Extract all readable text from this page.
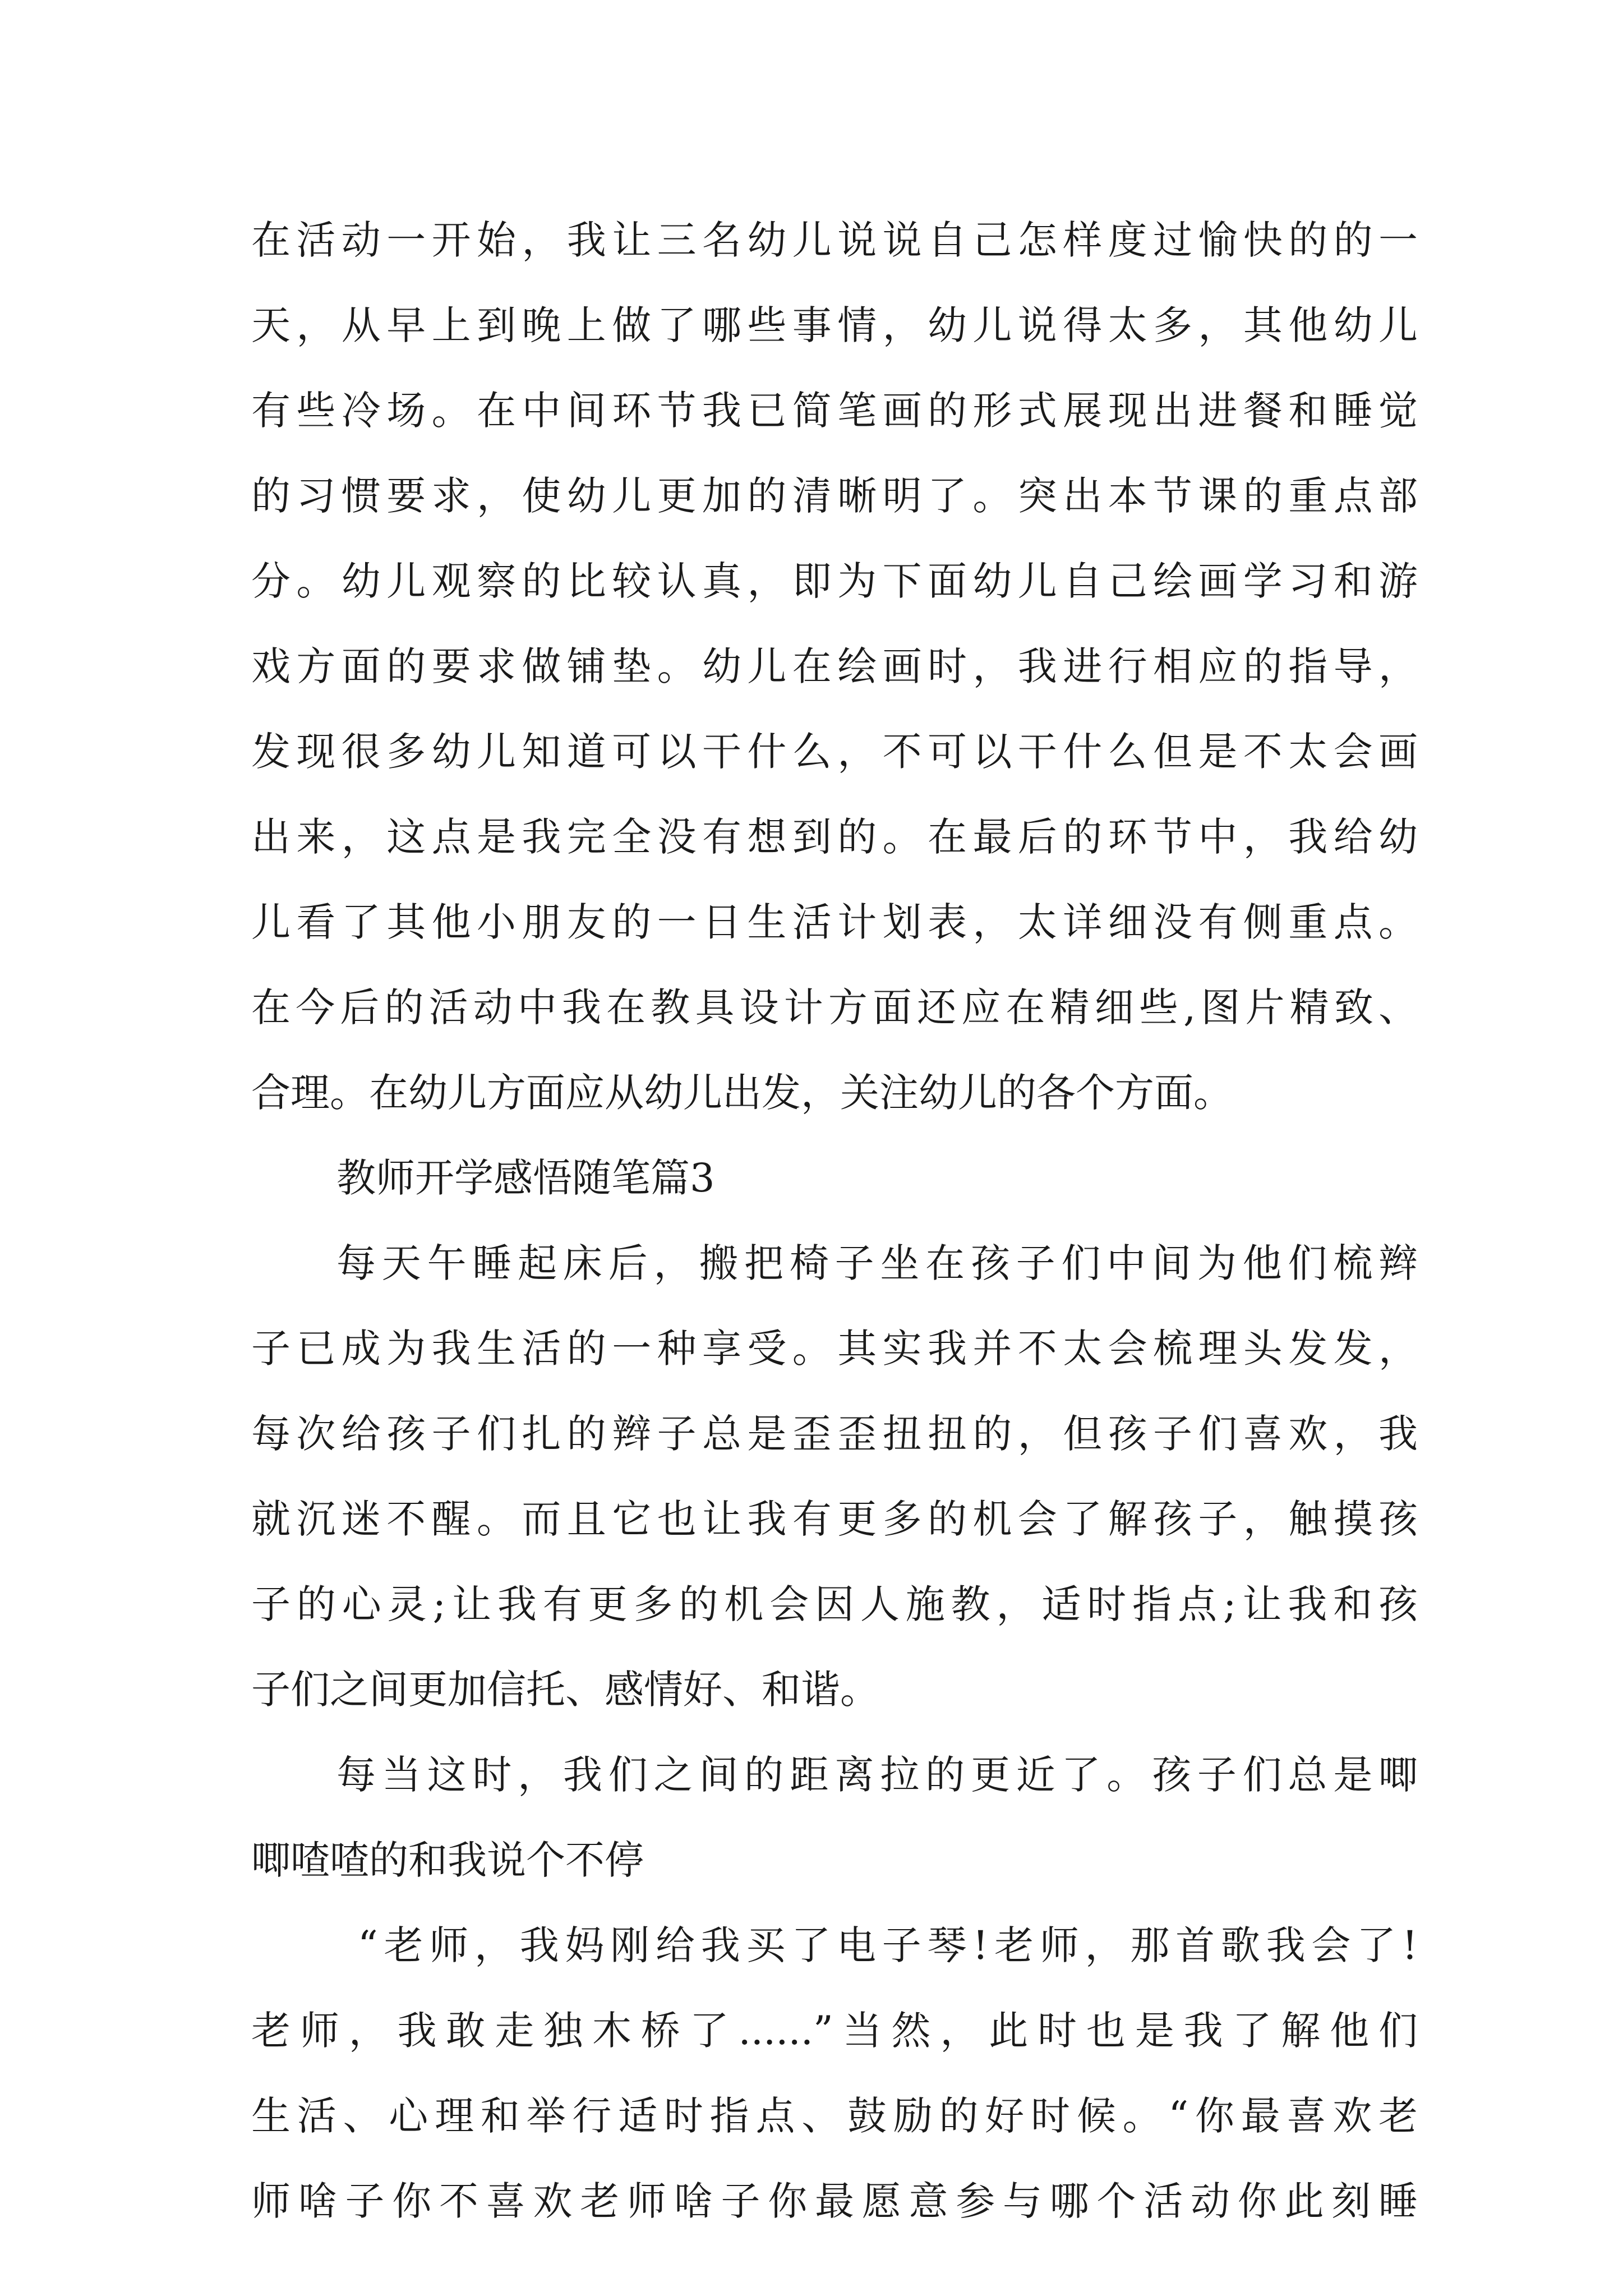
在活动一开始，我让三名幼儿说说自己怎样度过愉快的的一
天，从早上到晚上做了哪些事情，幼儿说得太多，其他幼儿
有些冷场。在中间环节我已简笔画的形式展现出进餐和睡觉
的习惯要求，使幼儿更加的清晰明了。突出本节课的重点部
分。幼儿观察的比较认真，即为下面幼儿自己绘画学习和游
戏方面的要求做铺垫。幼儿在绘画时，我进行相应的指导，
发现很多幼儿知道可以干什么，不可以干什么但是不太会画
出来，这点是我完全没有想到的。在最后的环节中，我给幼
儿看了其他小朋友的一日生活计划表，太详细没有侧重点。
在今后的活动中我在教具设计方面还应在精细些,图片精致、
合理。在幼儿方面应从幼儿出发，关注幼儿的各个方面。
教师开学感悟随笔篇3
每天午睡起床后，搬把椅子坐在孩子们中间为他们梳辫
子已成为我生活的一种享受。其实我并不太会梳理头发发，
每次给孩子们扎的辫子总是歪歪扭扭的，但孩子们喜欢，我
就沉迷不醒。而且它也让我有更多的机会了解孩子，触摸孩
子的心灵;让我有更多的机会因人施教，适时指点;让我和孩
子们之间更加信托、感情好、和谐。
每当这时，我们之间的距离拉的更近了。孩子们总是唧
唧喳喳的和我说个不停
“老师，我妈刚给我买了电子琴!老师，那首歌我会了!
老师，我敢走独木桥了......”当然，此时也是我了解他们
生活、心理和举行适时指点、鼓励的好时候。“你最喜欢老
师啥子你不喜欢老师啥子你最愿意参与哪个活动你此刻睡
